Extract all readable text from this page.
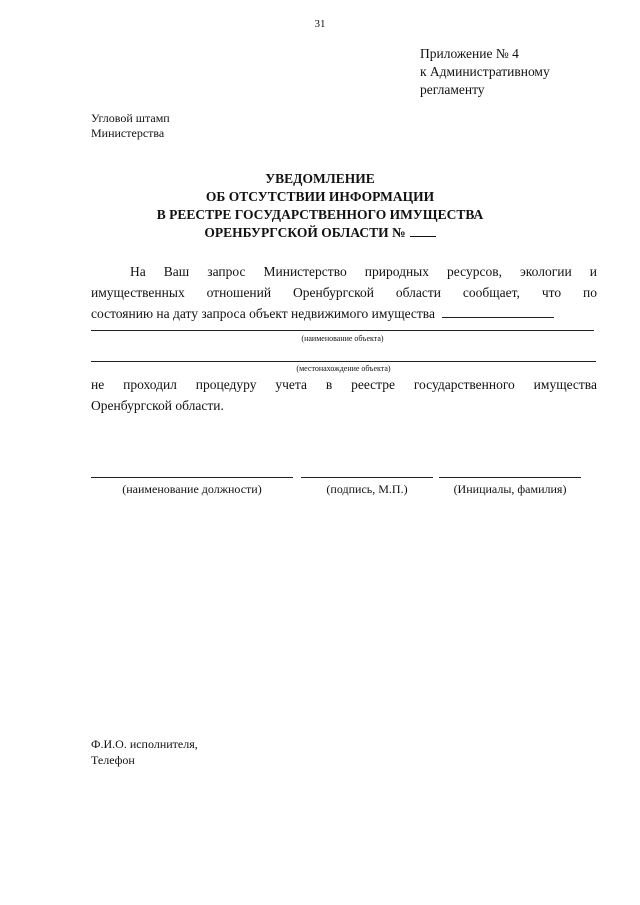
31
Приложение № 4
к Административному
регламенту
Угловой штамп
Министерства
УВЕДОМЛЕНИЕ
ОБ ОТСУТСТВИИ ИНФОРМАЦИИ
В РЕЕСТРЕ ГОСУДАРСТВЕННОГО ИМУЩЕСТВА
ОРЕНБУРГСКОЙ ОБЛАСТИ №
На Ваш запрос Министерство природных ресурсов, экологии и
имущественных отношений Оренбургской области сообщает, что по
состоянию на дату запроса объект недвижимого имущества
(наименование объекта)
(местонахождение объекта)
не проходил процедуру учета в реестре государственного имущества
Оренбургской области.
(наименование должности)	(подпись, М.П.)	(Инициалы, фамилия)
Ф.И.О. исполнителя,
Телефон
